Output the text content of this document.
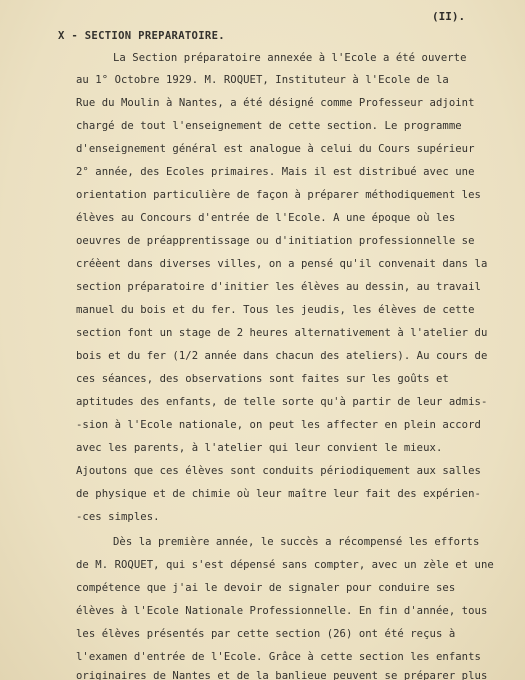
(II).

X - SECTION PREPARATOIRE.

La Section préparatoire annexée à l'Ecole a été ouverte

au 1° Octobre 1929. M. ROQUET, Instituteur à l'Ecole de la

Rue du Moulin à Nantes, a été désigné comme Professeur adjoint

chargé de tout l'enseignement de cette section. Le programme

d'enseignement général est analogue à celui du Cours supérieur

2° année, des Ecoles primaires. Mais il est distribué avec une

orientation particulière de façon à préparer méthodiquement les

élèves au Concours d'entrée de l'Ecole. A une époque où les

oeuvres de préapprentissage ou d'initiation professionnelle se

créèent dans diverses villes, on a pensé qu'il convenait dans la

section préparatoire d'initier les élèves au dessin, au travail

manuel du bois et du fer. Tous les jeudis, les élèves de cette

section font un stage de 2 heures alternativement à l'atelier du

bois et du fer (1/2 année dans chacun des ateliers). Au cours de

ces séances, des observations sont faites sur les goûts et

aptitudes des enfants, de telle sorte qu'à partir de leur admis-

-sion à l'Ecole nationale, on peut les affecter en plein accord

avec les parents, à l'atelier qui leur convient le mieux.

Ajoutons que ces élèves sont conduits périodiquement aux salles

de physique et de chimie où leur maître leur fait des expérien-

-ces simples.

Dès la première année, le succès a récompensé les efforts

de M. ROQUET, qui s'est dépensé sans compter, avec un zèle et une

compétence que j'ai le devoir de signaler pour conduire ses

élèves à l'Ecole Nationale Professionnelle. En fin d'année, tous

les élèves présentés par cette section (26) ont été reçus à

l'examen d'entrée de l'Ecole. Grâce à cette section les enfants

originaires de Nantes et de la banlieue peuvent se préparer plus
